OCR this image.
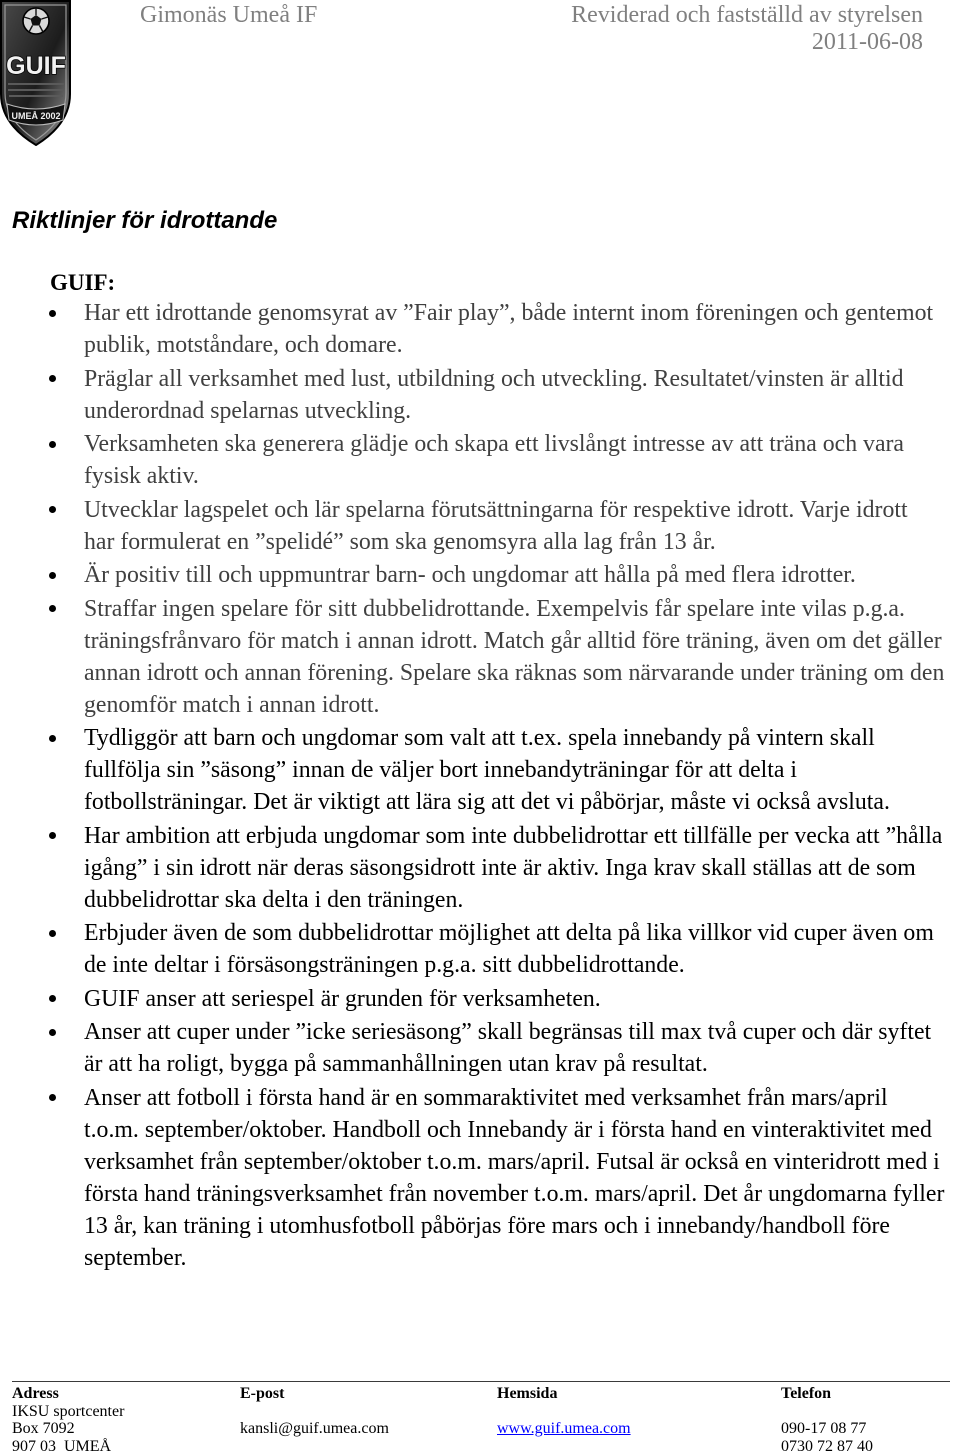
GUIF
UMEÅ 2002
Gimonäs Umeå IF	Reviderad och fastställd av styrelsen
2011-06-08
Riktlinjer för idrottande
GUIF:
Har ett idrottande genomsyrat av ”Fair play”, både internt inom föreningen och gentemot
publik, motståndare, och domare.
Präglar all verksamhet med lust, utbildning och utveckling. Resultatet/vinsten är alltid
underordnad spelarnas utveckling.
Verksamheten ska generera glädje och skapa ett livslångt intresse av att träna och vara
fysisk aktiv.
Utvecklar lagspelet och lär spelarna förutsättningarna för respektive idrott. Varje idrott
har formulerat en ”spelidé” som ska genomsyra alla lag från 13 år.
Är positiv till och uppmuntrar barn- och ungdomar att hålla på med flera idrotter.
Straffar ingen spelare för sitt dubbelidrottande. Exempelvis får spelare inte vilas p.g.a.
träningsfrånvaro för match i annan idrott. Match går alltid före träning, även om det gäller
annan idrott och annan förening. Spelare ska räknas som närvarande under träning om den
genomför match i annan idrott.
Tydliggör att barn och ungdomar som valt att t.ex. spela innebandy på vintern skall
fullfölja sin ”säsong” innan de väljer bort innebandyträningar för att delta i
fotbollsträningar. Det är viktigt att lära sig att det vi påbörjar, måste vi också avsluta.
Har ambition att erbjuda ungdomar som inte dubbelidrottar ett tillfälle per vecka att ”hålla
igång” i sin idrott när deras säsongsidrott inte är aktiv. Inga krav skall ställas att de som
dubbelidrottar ska delta i den träningen.
Erbjuder även de som dubbelidrottar möjlighet att delta på lika villkor vid cuper även om
de inte deltar i försäsongsträningen p.g.a. sitt dubbelidrottande.
GUIF anser att seriespel är grunden för verksamheten.
Anser att cuper under ”icke seriesäsong” skall begränsas till max två cuper och där syftet
är att ha roligt, bygga på sammanhållningen utan krav på resultat.
Anser att fotboll i första hand är en sommaraktivitet med verksamhet från mars/april
t.o.m. september/oktober. Handboll och Innebandy är i första hand en vinteraktivitet med
verksamhet från september/oktober t.o.m. mars/april. Futsal är också en vinteridrott med i
första hand träningsverksamhet från november t.o.m. mars/april. Det år ungdomarna fyller
13 år, kan träning i utomhusfotboll påbörjas före mars och i innebandy/handboll före
september.
Adress
IKSU sportcenter
Box 7092
907 03  UMEÅ
E-post
kansli@guif.umea.com
Hemsida
www.guif.umea.com
Telefon
090-17 08 77
0730 72 87 40
